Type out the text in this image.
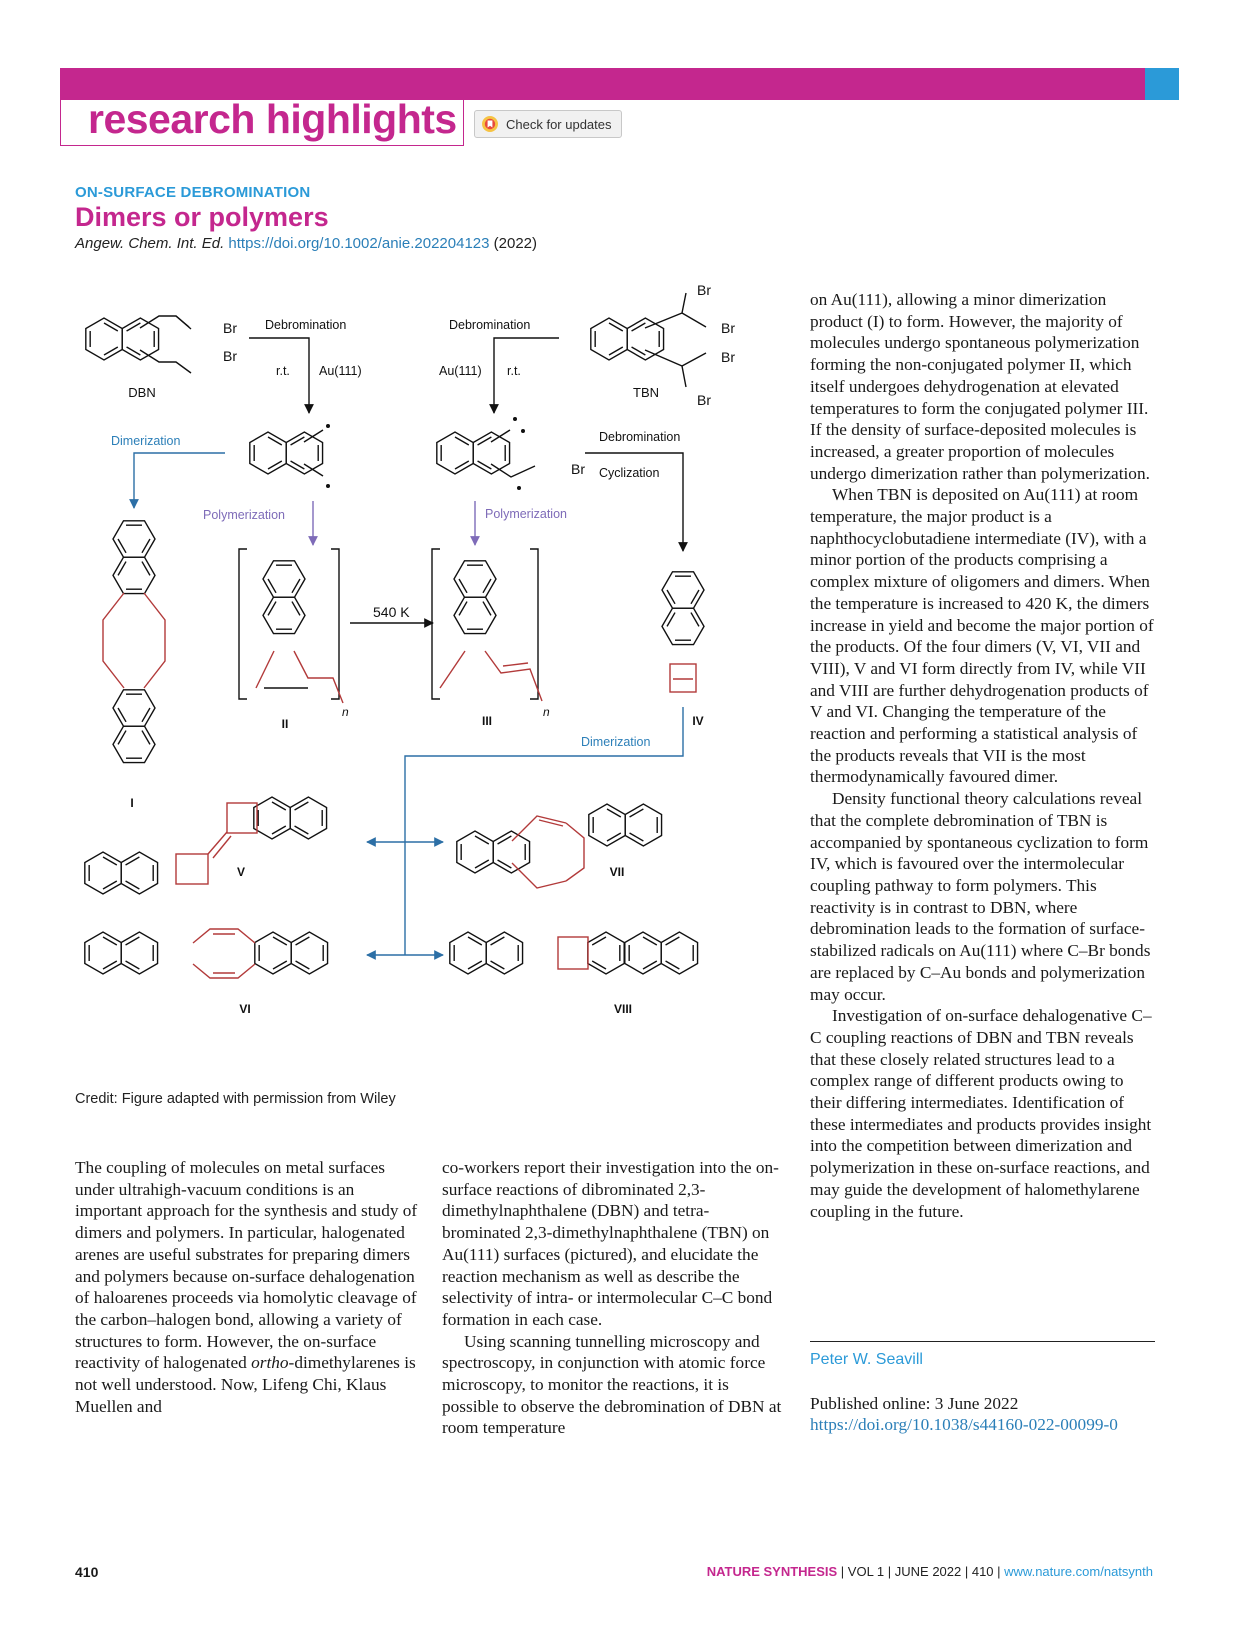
research highlights	Check for updates
ON-SURFACE DEBROMINATION
Dimers or polymers
Angew. Chem. Int. Ed. https://doi.org/10.1002/anie.202204123 (2022)
DBN
Br
Br
Debromination
r.t. Au(111)
Debromination
Au(111) r.t.
TBN
Br
Br
Br
Br
Dimerization
Polymerization	Polymerization
Debromination
Cyclization
Br
540 K
n	n
II	III	IV
I
Dimerization
V	VII
VI	VIII
Credit: Figure adapted with permission from Wiley

The coupling of molecules on metal surfaces under ultrahigh-vacuum conditions is an important approach for the synthesis and study of dimers and polymers. In particular, halogenated arenes are useful substrates for preparing dimers and polymers because on-surface dehalogenation of haloarenes proceeds via homolytic cleavage of the carbon–halogen bond, allowing a variety of structures to form. However, the on-surface reactivity of halogenated ortho-dimethylarenes is not well understood. Now, Lifeng Chi, Klaus Muellen and

co-workers report their investigation into the on-surface reactions of dibrominated 2,3-dimethylnaphthalene (DBN) and tetra-brominated 2,3-dimethylnaphthalene (TBN) on Au(111) surfaces (pictured), and elucidate the reaction mechanism as well as describe the selectivity of intra- or intermolecular C–C bond formation in each case.

Using scanning tunnelling microscopy and spectroscopy, in conjunction with atomic force microscopy, to monitor the reactions, it is possible to observe the debromination of DBN at room temperature

on Au(111), allowing a minor dimerization product (I) to form. However, the majority of molecules undergo spontaneous polymerization forming the non-conjugated polymer II, which itself undergoes dehydrogenation at elevated temperatures to form the conjugated polymer III. If the density of surface-deposited molecules is increased, a greater proportion of molecules undergo dimerization rather than polymerization.

When TBN is deposited on Au(111) at room temperature, the major product is a naphthocyclobutadiene intermediate (IV), with a minor portion of the products comprising a complex mixture of oligomers and dimers. When the temperature is increased to 420 K, the dimers increase in yield and become the major portion of the products. Of the four dimers (V, VI, VII and VIII), V and VI form directly from IV, while VII and VIII are further dehydrogenation products of V and VI. Changing the temperature of the reaction and performing a statistical analysis of the products reveals that VII is the most thermodynamically favoured dimer.

Density functional theory calculations reveal that the complete debromination of TBN is accompanied by spontaneous cyclization to form IV, which is favoured over the intermolecular coupling pathway to form polymers. This reactivity is in contrast to DBN, where debromination leads to the formation of surface-stabilized radicals on Au(111) where C–Br bonds are replaced by C–Au bonds and polymerization may occur.

Investigation of on-surface dehalogenative C–C coupling reactions of DBN and TBN reveals that these closely related structures lead to a complex range of different products owing to their differing intermediates. Identification of these intermediates and products provides insight into the competition between dimerization and polymerization in these on-surface reactions, and may guide the development of halomethylarene coupling in the future.

Peter W. Seavill
Published online: 3 June 2022
https://doi.org/10.1038/s44160-022-00099-0
410	NATURE SYNTHESIS | VOL 1 | JUNE 2022 | 410 | www.nature.com/natsynth
